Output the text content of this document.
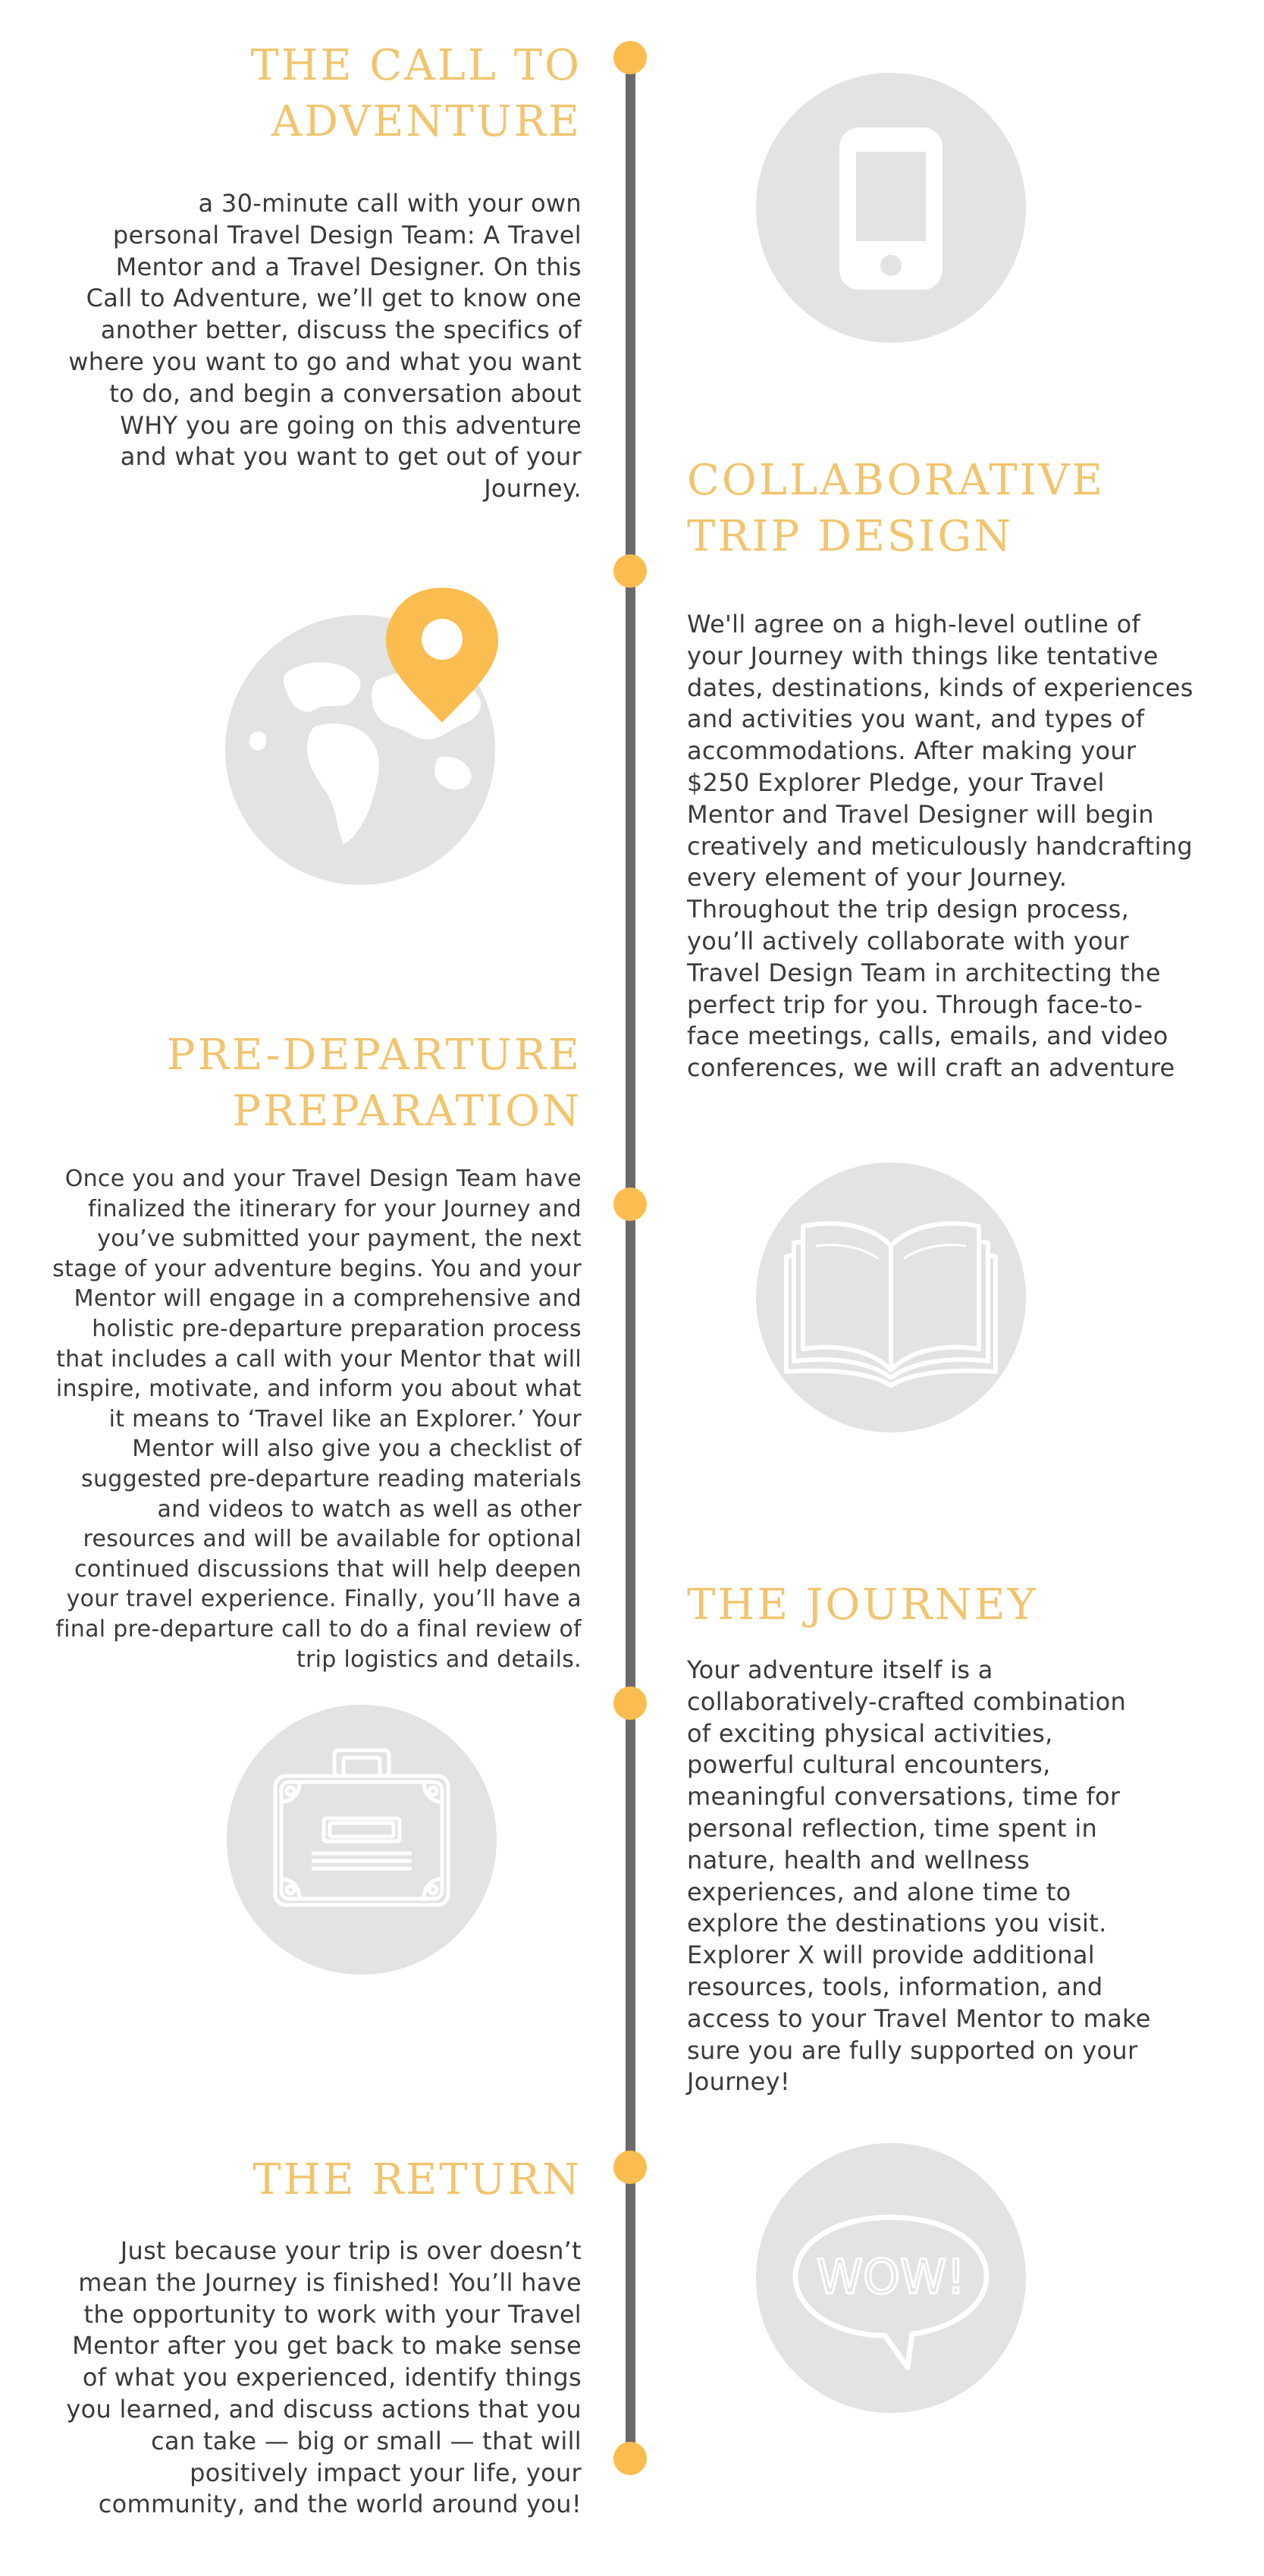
THE CALL TO
ADVENTURE
a 30-minute call with your own
personal Travel Design Team: A Travel
Mentor and a Travel Designer. On this
Call to Adventure, we’ll get to know one
another better, discuss the specifics of
where you want to go and what you want
to do, and begin a conversation about
WHY you are going on this adventure
and what you want to get out of your
Journey. COLLABORATIVE
TRIP DESIGN
We'll agree on a high-level outline of
your Journey with things like tentative
dates, destinations, kinds of experiences
and activities you want, and types of
accommodations. After making your
$250 Explorer Pledge, your Travel
Mentor and Travel Designer will begin
creatively and meticulously handcrafting
every element of your Journey.
Throughout the trip design process,
you’ll actively collaborate with your
Travel Design Team in architecting the
perfect trip for you. Through face-to-
face meetings, calls, emails, and video
conferences, we will craft an adventure
PRE-DEPARTURE
PREPARATION
Once you and your Travel Design Team have
finalized the itinerary for your Journey and
you’ve submitted your payment, the next
stage of your adventure begins. You and your
Mentor will engage in a comprehensive and
holistic pre-departure preparation process
that includes a call with your Mentor that will
inspire, motivate, and inform you about what
it means to ‘Travel like an Explorer.’ Your
Mentor will also give you a checklist of
suggested pre-departure reading materials
and videos to watch as well as other
resources and will be available for optional
continued discussions that will help deepen
your travel experience. Finally, you’ll have a
final pre-departure call to do a final review of
trip logistics and details.
THE JOURNEY
Your adventure itself is a
collaboratively-crafted combination
of exciting physical activities,
powerful cultural encounters,
meaningful conversations, time for
personal reflection, time spent in
nature, health and wellness
experiences, and alone time to
explore the destinations you visit.
Explorer X will provide additional
resources, tools, information, and
access to your Travel Mentor to make
sure you are fully supported on your
Journey!
THE RETURN
Just because your trip is over doesn’t
mean the Journey is finished! You’ll have
the opportunity to work with your Travel
Mentor after you get back to make sense
of what you experienced, identify things
you learned, and discuss actions that you
can take — big or small — that will
positively impact your life, your
community, and the world around you!
WOW!
